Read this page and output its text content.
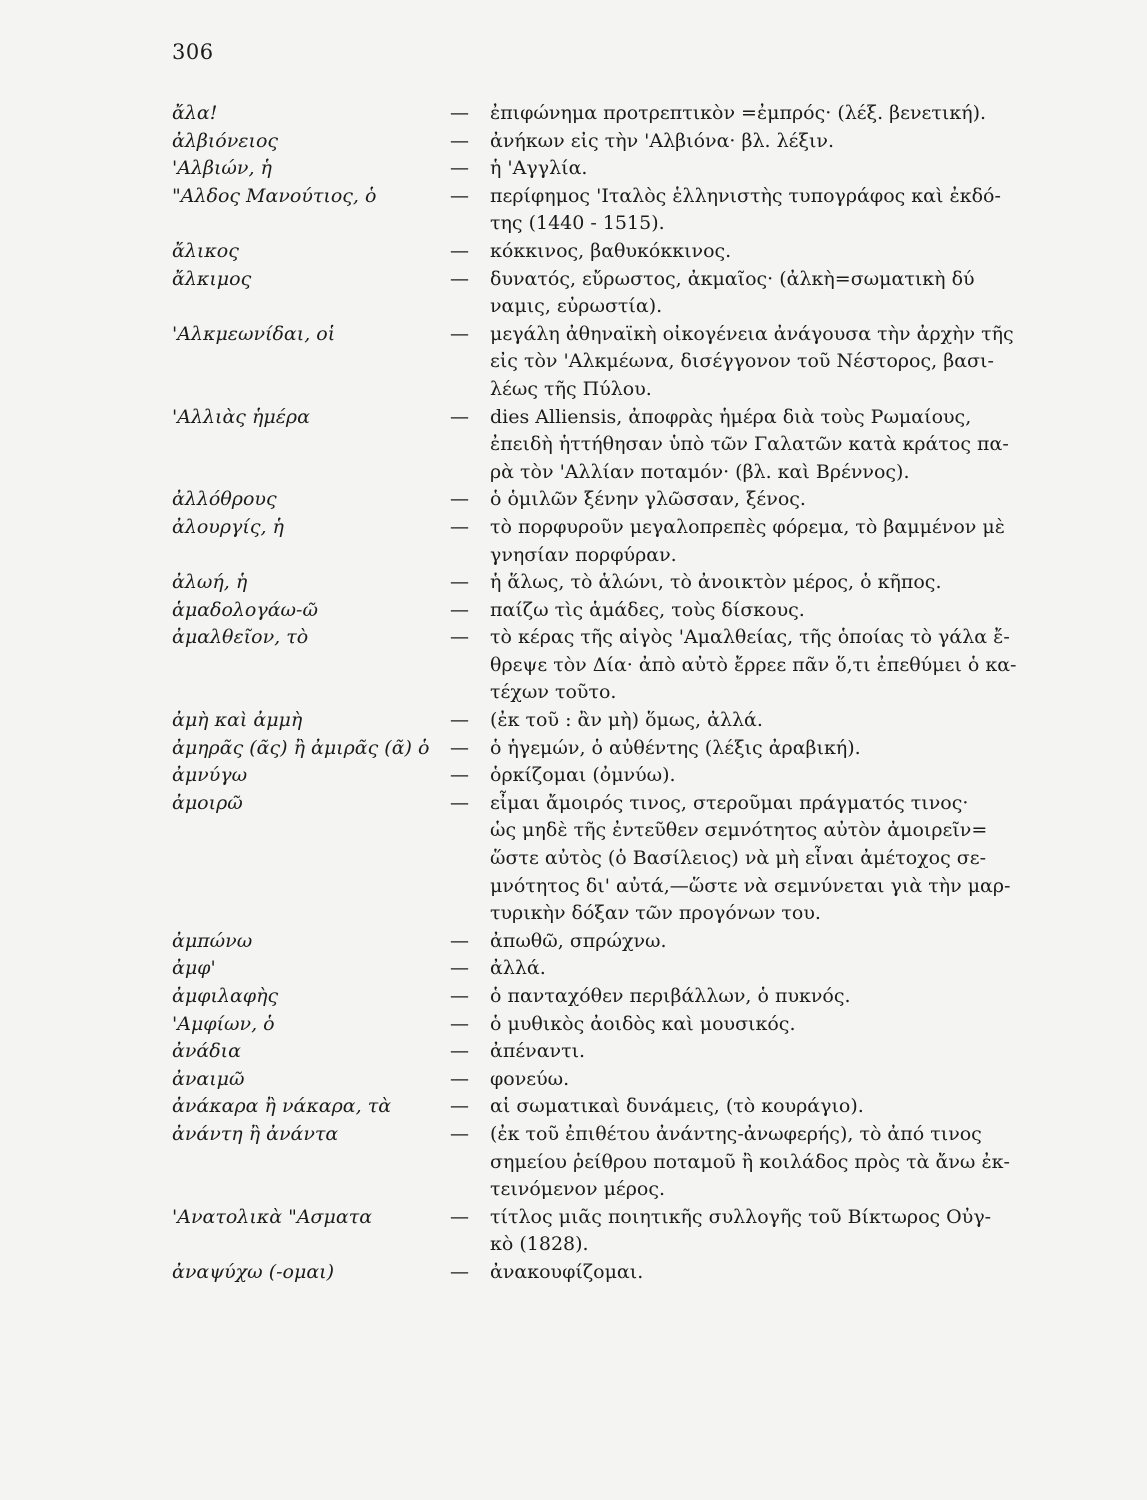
306
ἄλα!	—	ἐπιφώνημα προτρεπτικὸν =ἐμπρός· (λέξ. βενετική).
ἀλβιόνειος	—	ἀνήκων εἰς τὴν 'Αλβιόνα· βλ. λέξιν.
'Αλβιών, ἡ	—	ἡ 'Αγγλία.
"Αλδος Μανούτιος, ὁ	—	περίφημος 'Ιταλὸς ἑλληνιστὴς τυπογράφος καὶ ἐκδό-
της (1440 - 1515).
ἄλικος	—	κόκκινος, βαθυκόκκινος.
ἄλκιμος	—	δυνατός, εὔρωστος, ἀκμαῖος· (ἀλκὴ=σωματικὴ δύ
ναμις, εὐρωστία).
'Αλκμεωνίδαι, οἱ	—	μεγάλη ἀθηναϊκὴ οἰκογένεια ἀνάγουσα τὴν ἀρχὴν τῆς
εἰς τὸν 'Αλκμέωνα, δισέγγονον τοῦ Νέστορος, βασι-
λέως τῆς Πύλου.
'Αλλιὰς ἡμέρα	—	dies Alliensis, ἀποφρὰς ἡμέρα διὰ τοὺς Ρωμαίους,
ἐπειδὴ ἡττήθησαν ὑπὸ τῶν Γαλατῶν κατὰ κράτος πα-
ρὰ τὸν 'Αλλίαν ποταμόν· (βλ. καὶ Βρέννος).
ἀλλόθρους	—	ὁ ὁμιλῶν ξένην γλῶσσαν, ξένος.
ἀλουργίς, ἡ	—	τὸ πορφυροῦν μεγαλοπρεπὲς φόρεμα, τὸ βαμμένον μὲ
γνησίαν πορφύραν.
ἀλωή, ἡ	—	ἡ ἅλως, τὸ ἁλώνι, τὸ ἀνοικτὸν μέρος, ὁ κῆπος.
ἁμαδολογάω-ῶ	—	παίζω τὶς ἁμάδες, τοὺς δίσκους.
ἀμαλθεῖον, τὸ	—	τὸ κέρας τῆς αἰγὸς 'Αμαλθείας, τῆς ὁποίας τὸ γάλα ἔ-
θρεψε τὸν Δία· ἀπὸ αὐτὸ ἔρρεε πᾶν ὅ,τι ἐπεθύμει ὁ κα-
τέχων τοῦτο.
ἀμὴ καὶ ἀμμὴ	—	(ἐκ τοῦ : ἂν μὴ) ὅμως, ἀλλά.
ἀμηρᾶς (ᾶς) ἢ ἀμιρᾶς (ᾶ) ὁ	—	ὁ ἡγεμών, ὁ αὐθέντης (λέξις ἀραβική).
ἀμνύγω	—	ὁρκίζομαι (ὀμνύω).
ἀμοιρῶ	—	εἶμαι ἄμοιρός τινος, στεροῦμαι πράγματός τινος·
ὡς μηδὲ τῆς ἐντεῦθεν σεμνότητος αὐτὸν ἀμοιρεῖν=
ὥστε αὐτὸς (ὁ Βασίλειος) νὰ μὴ εἶναι ἀμέτοχος σε-
μνότητος δι' αὐτά,—ὥστε νὰ σεμνύνεται γιὰ τὴν μαρ-
τυρικὴν δόξαν τῶν προγόνων του.
ἀμπώνω	—	ἀπωθῶ, σπρώχνω.
ἀμφ'	—	ἀλλά.
ἀμφιλαφὴς	—	ὁ πανταχόθεν περιβάλλων, ὁ πυκνός.
'Αμφίων, ὁ	—	ὁ μυθικὸς ἀοιδὸς καὶ μουσικός.
ἀνάδια	—	ἀπέναντι.
ἀναιμῶ	—	φονεύω.
ἀνάκαρα ἢ νάκαρα, τὰ	—	αἱ σωματικαὶ δυνάμεις, (τὸ κουράγιο).
ἀνάντη ἢ ἀνάντα	—	(ἐκ τοῦ ἐπιθέτου ἀνάντης-ἀνωφερής), τὸ ἀπό τινος
σημείου ῥείθρου ποταμοῦ ἢ κοιλάδος πρὸς τὰ ἄνω ἐκ-
τεινόμενον μέρος.
'Ανατολικὰ "Ασματα	—	τίτλος μιᾶς ποιητικῆς συλλογῆς τοῦ Βίκτωρος Οὐγ-
κὸ (1828).
ἀναψύχω (-ομαι)	—	ἀνακουφίζομαι.
